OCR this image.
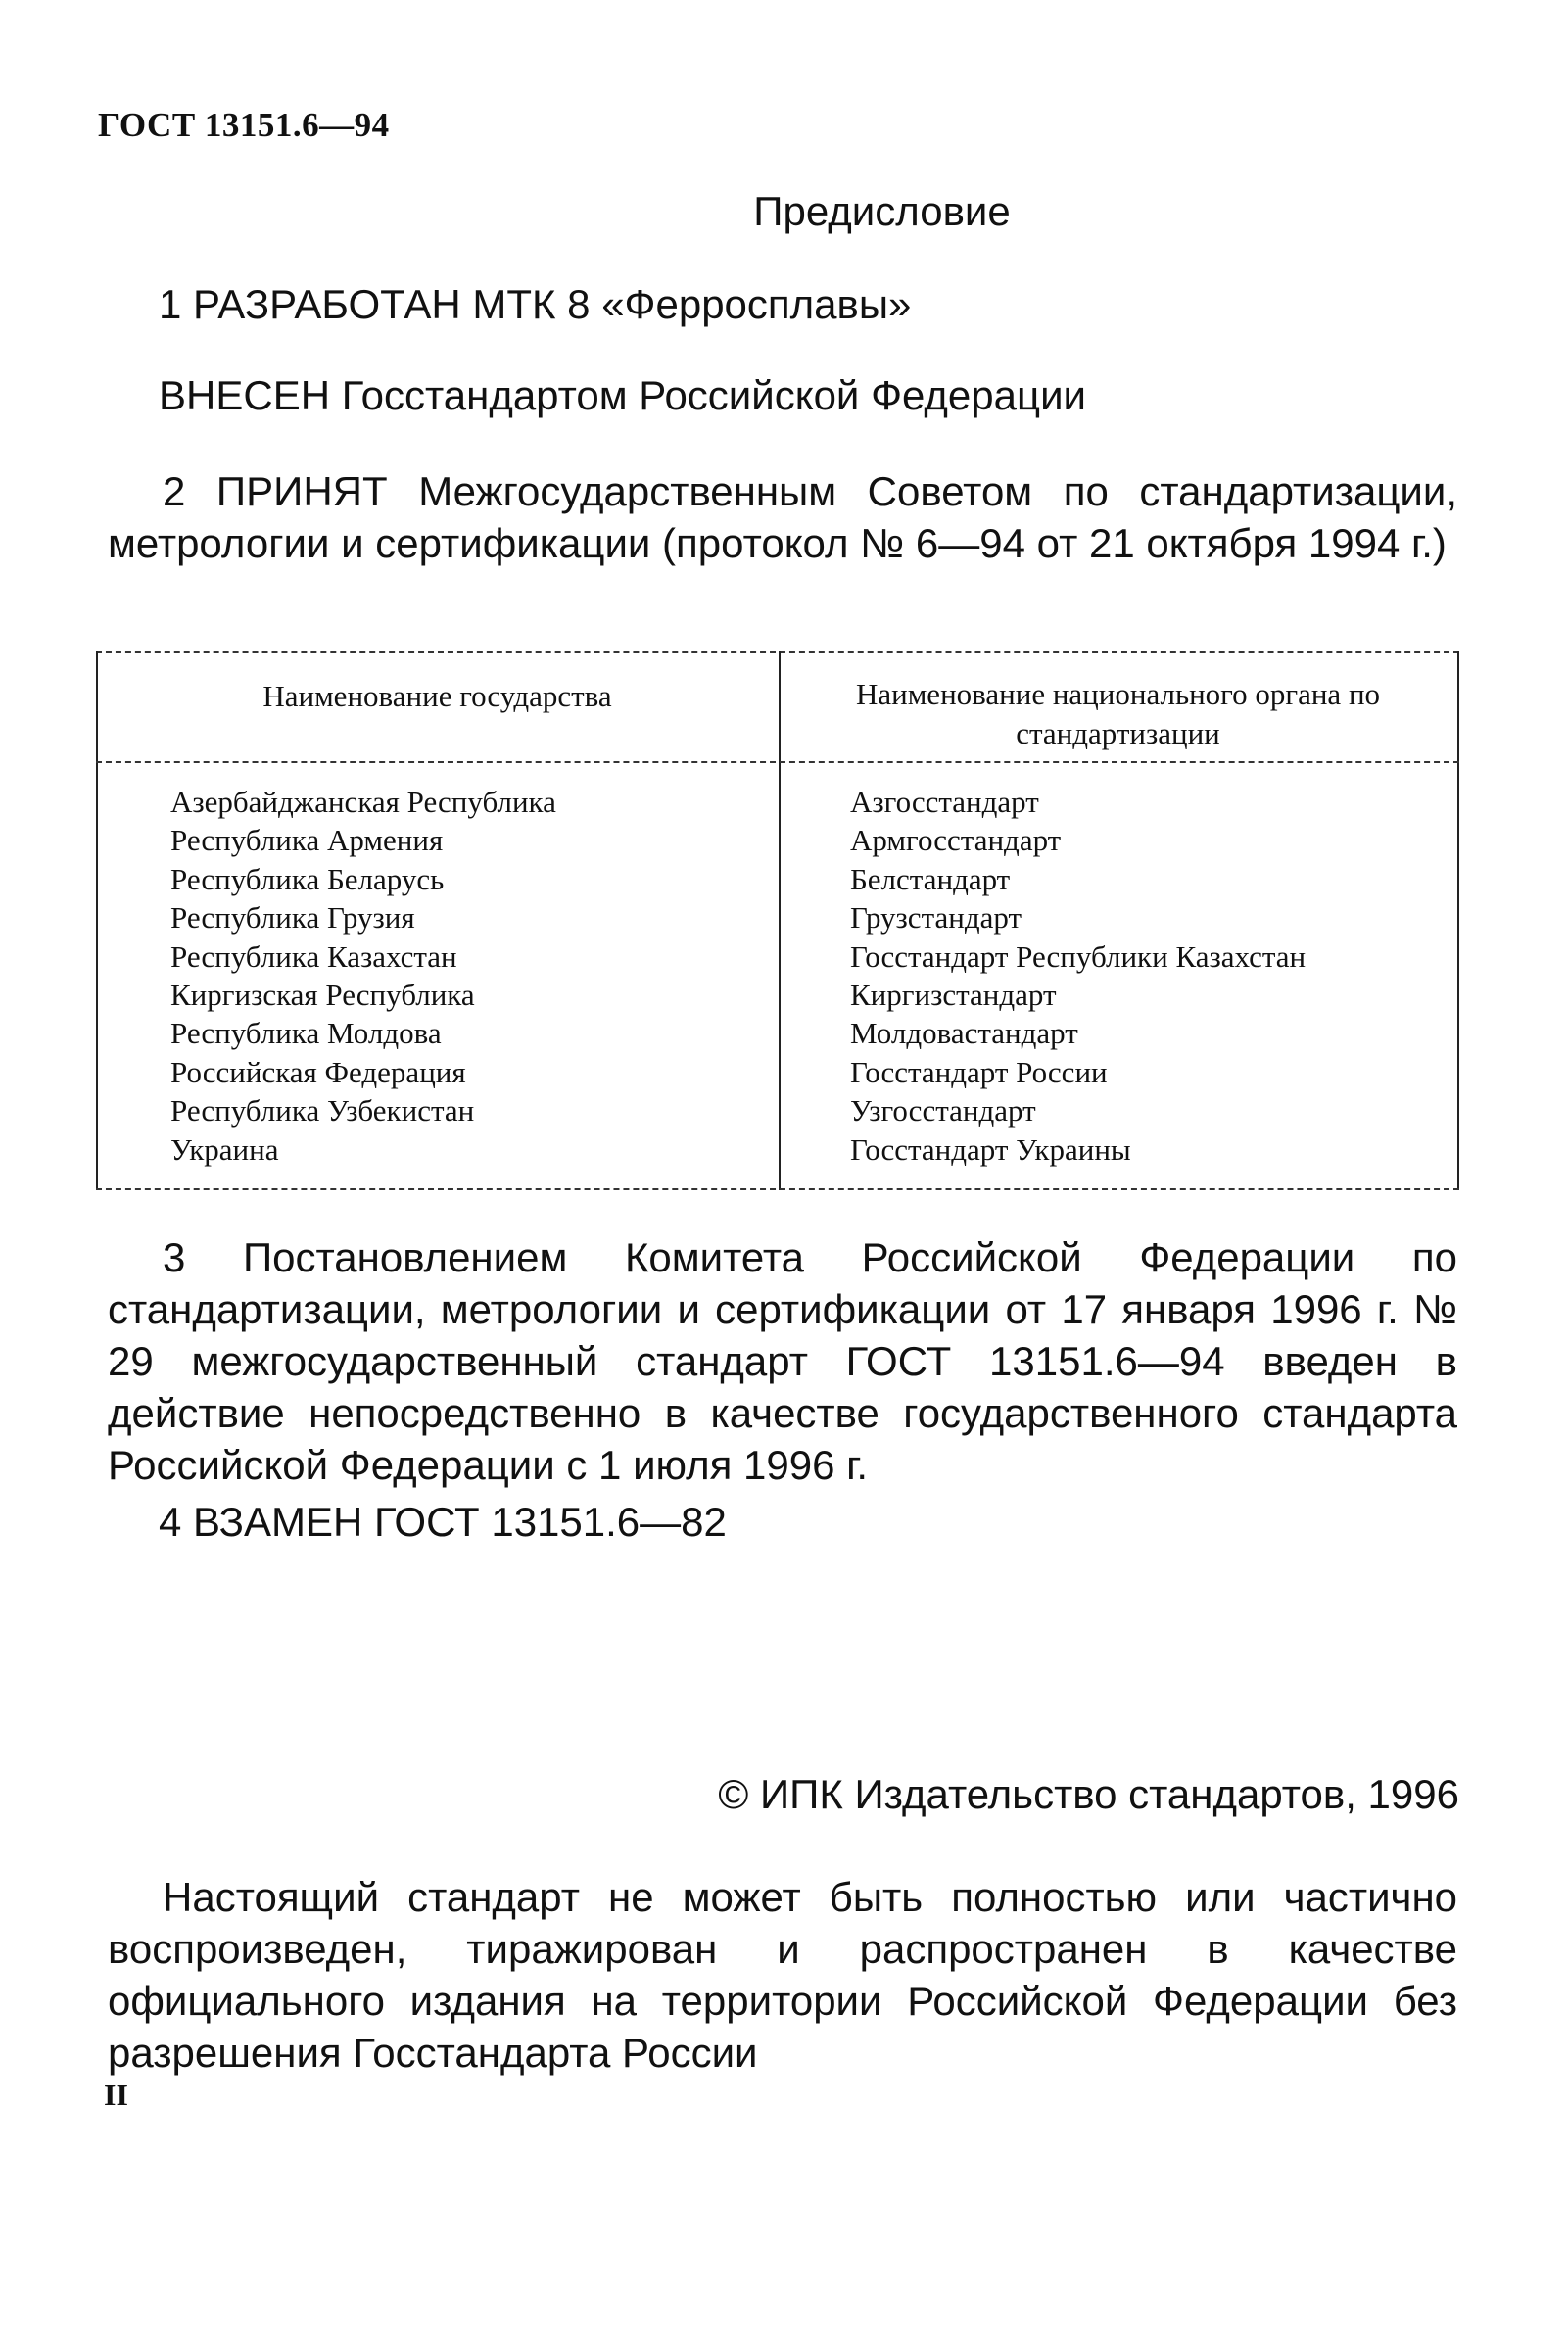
ГОСТ 13151.6—94
Предисловие
1 РАЗРАБОТАН МТК 8 «Ферросплавы»
ВНЕСЕН Госстандартом Российской Федерации
2 ПРИНЯТ Межгосударственным Советом по стандартизации, метрологии и сертификации (протокол № 6—94 от 21 октября 1994 г.)
Наименование государства	Наименование национального органа по стандартизации
Азербайджанская Республика
Республика Армения
Республика Беларусь
Республика Грузия
Республика Казахстан
Киргизская Республика
Республика Молдова
Российская Федерация
Республика Узбекистан
Украина
Азгосстандарт
Армгосстандарт
Белстандарт
Грузстандарт
Госстандарт Республики Казахстан
Киргизстандарт
Молдовастандарт
Госстандарт России
Узгосстандарт
Госстандарт Украины
3 Постановлением Комитета Российской Федерации по стандартизации, метрологии и сертификации от 17 января 1996 г. № 29 межгосударственный стандарт ГОСТ 13151.6—94 введен в действие непосредственно в качестве государственного стандарта Российской Федерации с 1 июля 1996 г.
4 ВЗАМЕН ГОСТ 13151.6—82
© ИПК Издательство стандартов, 1996
Настоящий стандарт не может быть полностью или частично воспроизведен, тиражирован и распространен в качестве официального издания на территории Российской Федерации без разрешения Госстандарта России
II
